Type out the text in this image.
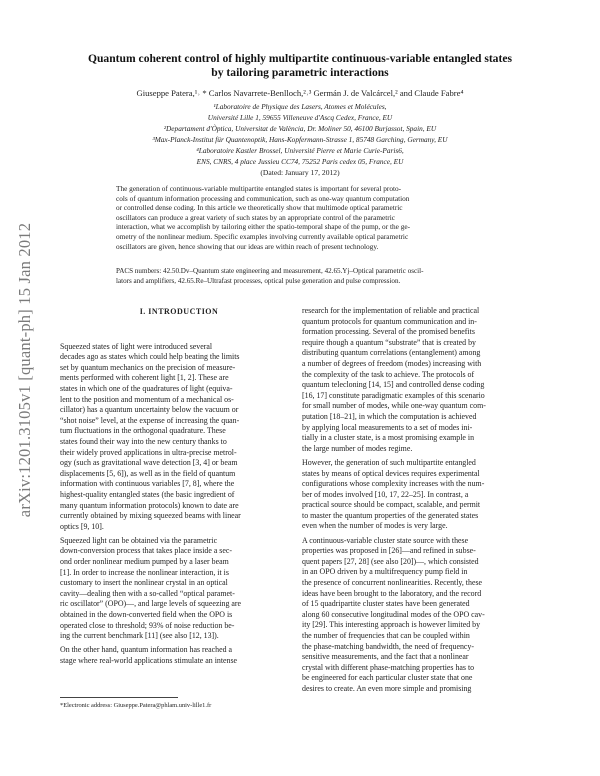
arXiv:1201.3105v1 [quant-ph] 15 Jan 2012
Quantum coherent control of highly multipartite continuous-variable entangled states
by tailoring parametric interactions
Giuseppe Patera,¹˒ * Carlos Navarrete-Benlloch,²˒³ Germán J. de Valcárcel,² and Claude Fabre⁴
¹Laboratoire de Physique des Lasers, Atomes et Molécules,
Université Lille 1, 59655 Villeneuve d'Ascq Cedex, France, EU
²Departament d'Òptica, Universitat de València, Dr. Moliner 50, 46100 Burjassot, Spain, EU
³Max-Planck-Institut für Quantenoptik, Hans-Kopfermann-Strasse 1, 85748 Garching, Germany, EU
⁴Laboratoire Kastler Brossel, Université Pierre et Marie Curie-Paris6,
ENS, CNRS, 4 place Jussieu CC74, 75252 Paris cedex 05, France, EU
(Dated: January 17, 2012)
The generation of continuous-variable multipartite entangled states is important for several proto-
cols of quantum information processing and communication, such as one-way quantum computation
or controlled dense coding. In this article we theoretically show that multimode optical parametric
oscillators can produce a great variety of such states by an appropriate control of the parametric
interaction, what we accomplish by tailoring either the spatio-temporal shape of the pump, or the ge-
ometry of the nonlinear medium. Specific examples involving currently available optical parametric
oscillators are given, hence showing that our ideas are within reach of present technology.
PACS numbers: 42.50.Dv–Quantum state engineering and measurement, 42.65.Yj–Optical parametric oscil-
lators and amplifiers, 42.65.Re–Ultrafast processes, optical pulse generation and pulse compression.
I. INTRODUCTION
Squeezed states of light were introduced several
decades ago as states which could help beating the limits
set by quantum mechanics on the precision of measure-
ments performed with coherent light [1, 2]. These are
states in which one of the quadratures of light (equiva-
lent to the position and momentum of a mechanical os-
cillator) has a quantum uncertainty below the vacuum or
“shot noise” level, at the expense of increasing the quan-
tum fluctuations in the orthogonal quadrature. These
states found their way into the new century thanks to
their widely proved applications in ultra-precise metrol-
ogy (such as gravitational wave detection [3, 4] or beam
displacements [5, 6]), as well as in the field of quantum
information with continuous variables [7, 8], where the
highest-quality entangled states (the basic ingredient of
many quantum information protocols) known to date are
currently obtained by mixing squeezed beams with linear
optics [9, 10].
Squeezed light can be obtained via the parametric
down-conversion process that takes place inside a sec-
ond order nonlinear medium pumped by a laser beam
[1]. In order to increase the nonlinear interaction, it is
customary to insert the nonlinear crystal in an optical
cavity—dealing then with a so-called “optical paramet-
ric oscillator” (OPO)—, and large levels of squeezing are
obtained in the down-converted field when the OPO is
operated close to threshold; 93% of noise reduction be-
ing the current benchmark [11] (see also [12, 13]).
On the other hand, quantum information has reached a
stage where real-world applications stimulate an intense
research for the implementation of reliable and practical
quantum protocols for quantum communication and in-
formation processing. Several of the promised benefits
require though a quantum “substrate” that is created by
distributing quantum correlations (entanglement) among
a number of degrees of freedom (modes) increasing with
the complexity of the task to achieve. The protocols of
quantum telecloning [14, 15] and controlled dense coding
[16, 17] constitute paradigmatic examples of this scenario
for small number of modes, while one-way quantum com-
putation [18–21], in which the computation is achieved
by applying local measurements to a set of modes ini-
tially in a cluster state, is a most promising example in
the large number of modes regime.
However, the generation of such multipartite entangled
states by means of optical devices requires experimental
configurations whose complexity increases with the num-
ber of modes involved [10, 17, 22–25]. In contrast, a
practical source should be compact, scalable, and permit
to master the quantum properties of the generated states
even when the number of modes is very large.
A continuous-variable cluster state source with these
properties was proposed in [26]—and refined in subse-
quent papers [27, 28] (see also [20])—, which consisted
in an OPO driven by a multifrequency pump field in
the presence of concurrent nonlinearities. Recently, these
ideas have been brought to the laboratory, and the record
of 15 quadripartite cluster states have been generated
along 60 consecutive longitudinal modes of the OPO cav-
ity [29]. This interesting approach is however limited by
the number of frequencies that can be coupled within
the phase-matching bandwidth, the need of frequency-
sensitive measurements, and the fact that a nonlinear
crystal with different phase-matching properties has to
be engineered for each particular cluster state that one
desires to create. An even more simple and promising
*Electronic address: Giuseppe.Patera@phlam.univ-lille1.fr
